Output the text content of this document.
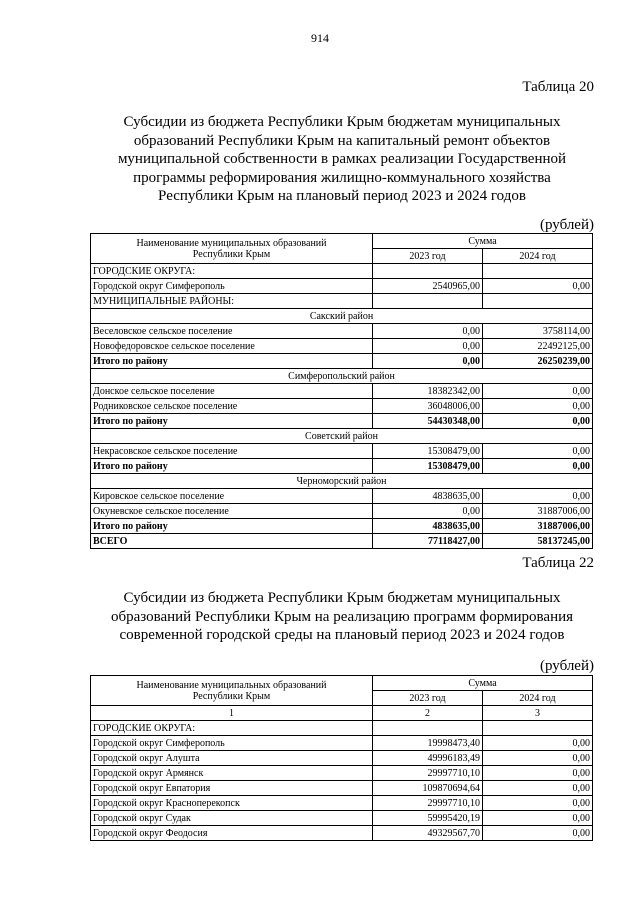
914
Таблица 20
Субсидии из бюджета Республики Крым бюджетам муниципальных
образований Республики Крым на капитальный ремонт объектов
муниципальной собственности в рамках реализации Государственной
программы реформирования жилищно-коммунального хозяйства
Республики Крым на плановый период 2023 и 2024 годов
(рублей)
Наименование муниципальных образований
Республики Крым	Сумма	
	2023 год	2024 год
ГОРОДСКИЕ ОКРУГА:		
Городской округ Симферополь	2540965,00	0,00
МУНИЦИПАЛЬНЫЕ РАЙОНЫ:		
Сакский район		
Веселовское сельское поселение	0,00	3758114,00
Новофедоровское сельское поселение	0,00	22492125,00
Итого по району	0,00	26250239,00
Симферопольский район		
Донское сельское поселение	18382342,00	0,00
Родниковское сельское поселение	36048006,00	0,00
Итого по району	54430348,00	0,00
Советский район		
Некрасовское сельское поселение	15308479,00	0,00
Итого по району	15308479,00	0,00
Черноморский район		
Кировское сельское поселение	4838635,00	0,00
Окуневское сельское поселение	0,00	31887006,00
Итого по району	4838635,00	31887006,00
ВСЕГО	77118427,00	58137245,00
Таблица 22
Субсидии из бюджета Республики Крым бюджетам муниципальных
образований Республики Крым на реализацию программ формирования
современной городской среды на плановый период 2023 и 2024 годов
(рублей)
Наименование муниципальных образований
Республики Крым	Сумма	
	2023 год	2024 год
1	2	3
ГОРОДСКИЕ ОКРУГА:		
Городской округ Симферополь	19998473,40	0,00
Городской округ Алушта	49996183,49	0,00
Городской округ Армянск	29997710,10	0,00
Городской округ Евпатория	109870694,64	0,00
Городской округ Красноперекопск	29997710,10	0,00
Городской округ Судак	59995420,19	0,00
Городской округ Феодосия	49329567,70	0,00
